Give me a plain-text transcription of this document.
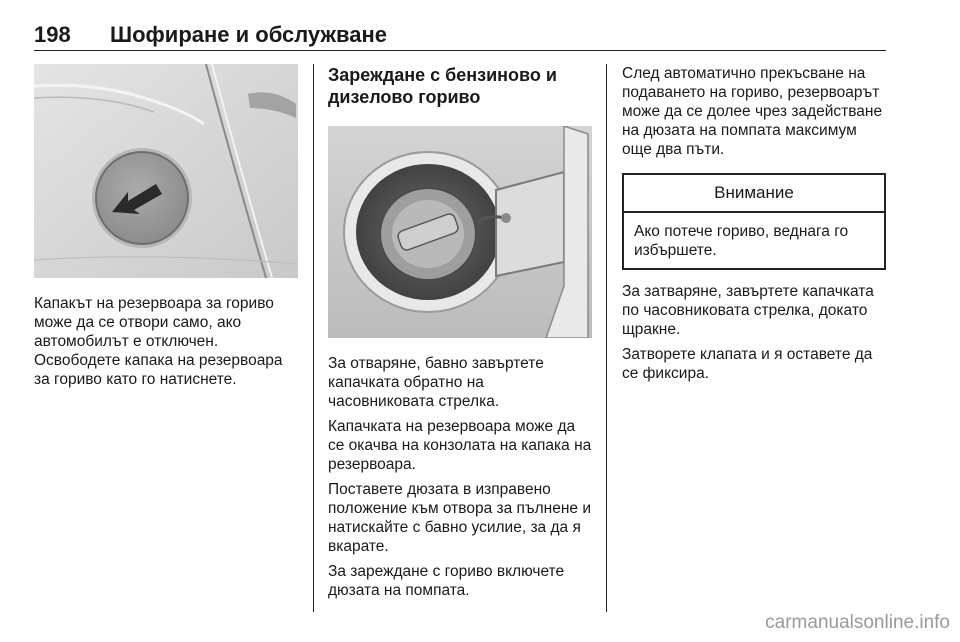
198 Шофиране и обслужване

Капакът на резервоара за гориво може да се отвори само, ако автомобилът е отключен. Освободете капака на резервоара за гориво като го натиснете.

Зареждане с бензиново и дизелово гориво

За отваряне, бавно завъртете капачката обратно на часовниковата стрелка.

Капачката на резервоара може да се окачва на конзолата на капака на резервоара.

Поставете дюзата в изправено положение към отвора за пълнене и натискайте с бавно усилие, за да я вкарате.

За зареждане с гориво включете дюзата на помпата.

След автоматично прекъсване на подаването на гориво, резервоарът може да се долее чрез задействане на дюзата на помпата максимум още два пъти.

Внимание
Ако потече гориво, веднага го избършете.

За затваряне, завъртете капачката по часовниковата стрелка, докато щракне.

Затворете клапата и я оставете да се фиксира.

carmanualsonline.info
